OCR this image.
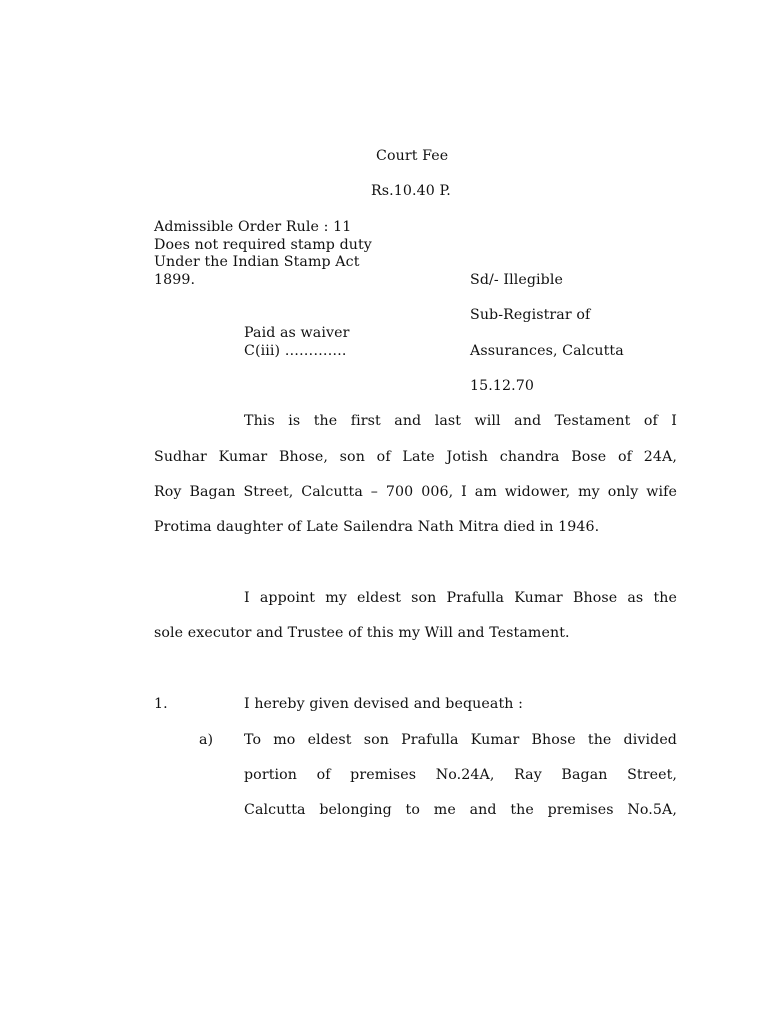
Court Fee
Rs.10.40 P.
Admissible Order Rule : 11
Does not required stamp duty
Under the Indian Stamp Act
1899.
Paid as waiver
C(iii) ………….
Sd/- Illegible
Sub-Registrar of
Assurances, Calcutta
15.12.70
This is the first and last will and Testament of I
Sudhar Kumar Bhose, son of Late Jotish chandra Bose of 24A,
Roy Bagan Street, Calcutta – 700 006, I am widower, my only wife
Protima daughter of Late Sailendra Nath Mitra died in 1946.
I appoint my eldest son Prafulla Kumar Bhose as the
sole executor and Trustee of this my Will and Testament.
1.	I hereby given devised and bequeath :
a) To mo eldest son Prafulla Kumar Bhose the divided
portion of premises No.24A, Ray Bagan Street,
Calcutta belonging to me and the premises No.5A,
